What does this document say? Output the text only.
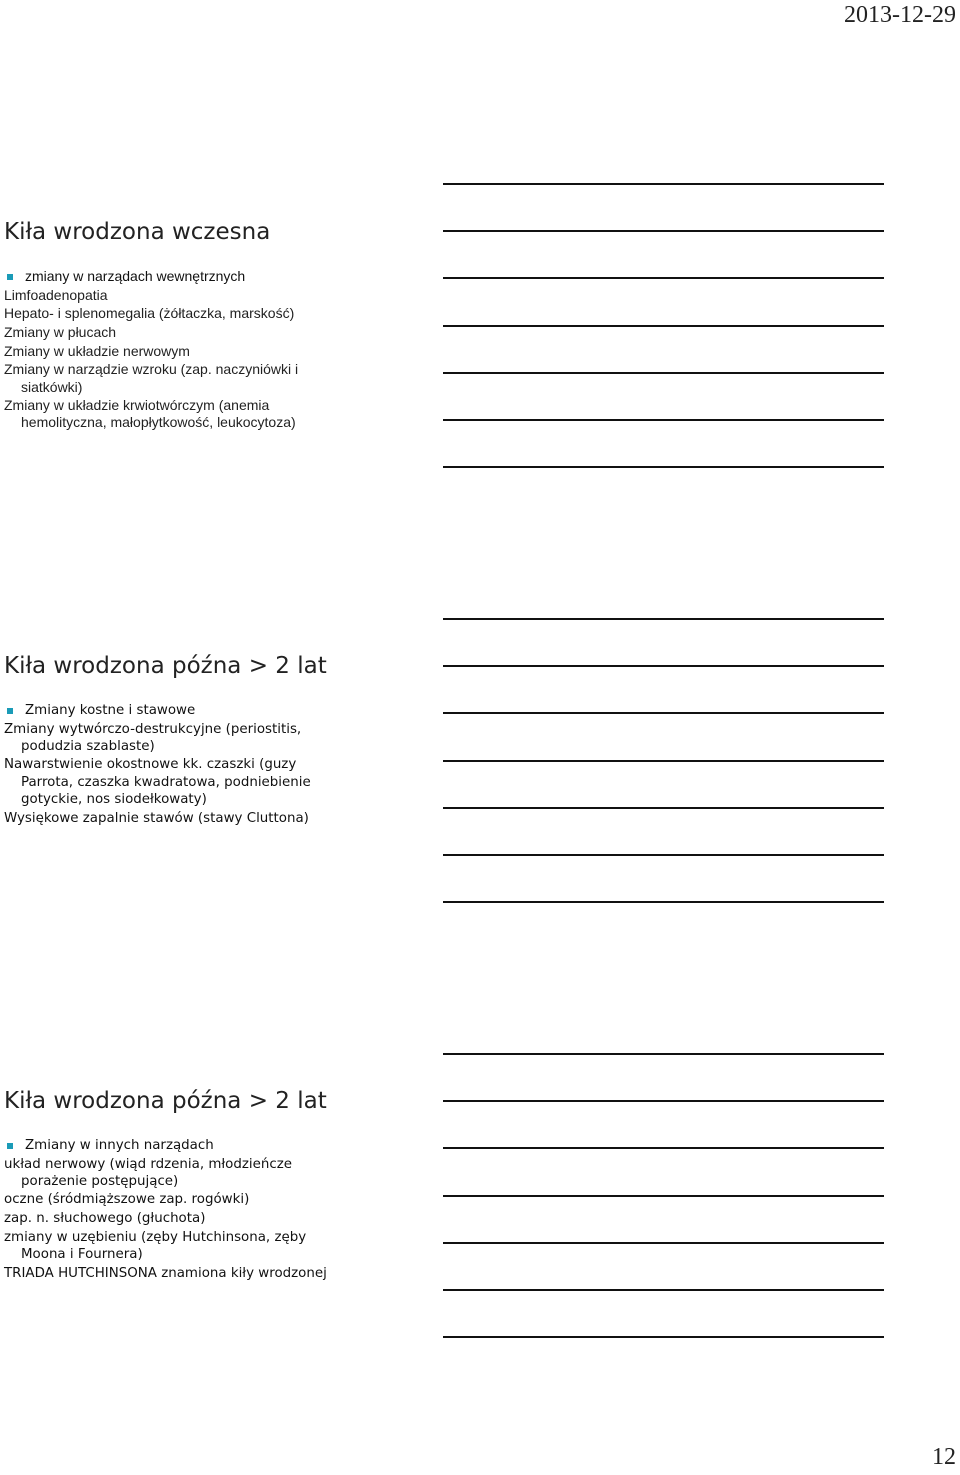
2013-12-29
Kiła wrodzona wczesna
zmiany w narządach wewnętrznych
Limfoadenopatia
Hepato- i splenomegalia (żółtaczka, marskość)
Zmiany w płucach
Zmiany w układzie nerwowym
Zmiany w narządzie wzroku (zap. naczyniówki i
siatkówki)
Zmiany w układzie krwiotwórczym (anemia
hemolityczna, małopłytkowość, leukocytoza)
Kiła wrodzona późna > 2 lat
Zmiany kostne i stawowe
Zmiany wytwórczo-destrukcyjne (periostitis,
podudzia szablaste)
Nawarstwienie okostnowe kk. czaszki (guzy
Parrota, czaszka kwadratowa, podniebienie
gotyckie, nos siodełkowaty)
Wysiękowe zapalnie stawów (stawy Cluttona)
Kiła wrodzona późna > 2 lat
Zmiany w innych narządach
układ nerwowy (wiąd rdzenia, młodzieńcze
porażenie postępujące)
oczne (śródmiąższowe zap. rogówki)
zap. n. słuchowego (głuchota)
zmiany w uzębieniu (zęby Hutchinsona, zęby
Moona i Fournera)
TRIADA HUTCHINSONA znamiona kiły wrodzonej
12
